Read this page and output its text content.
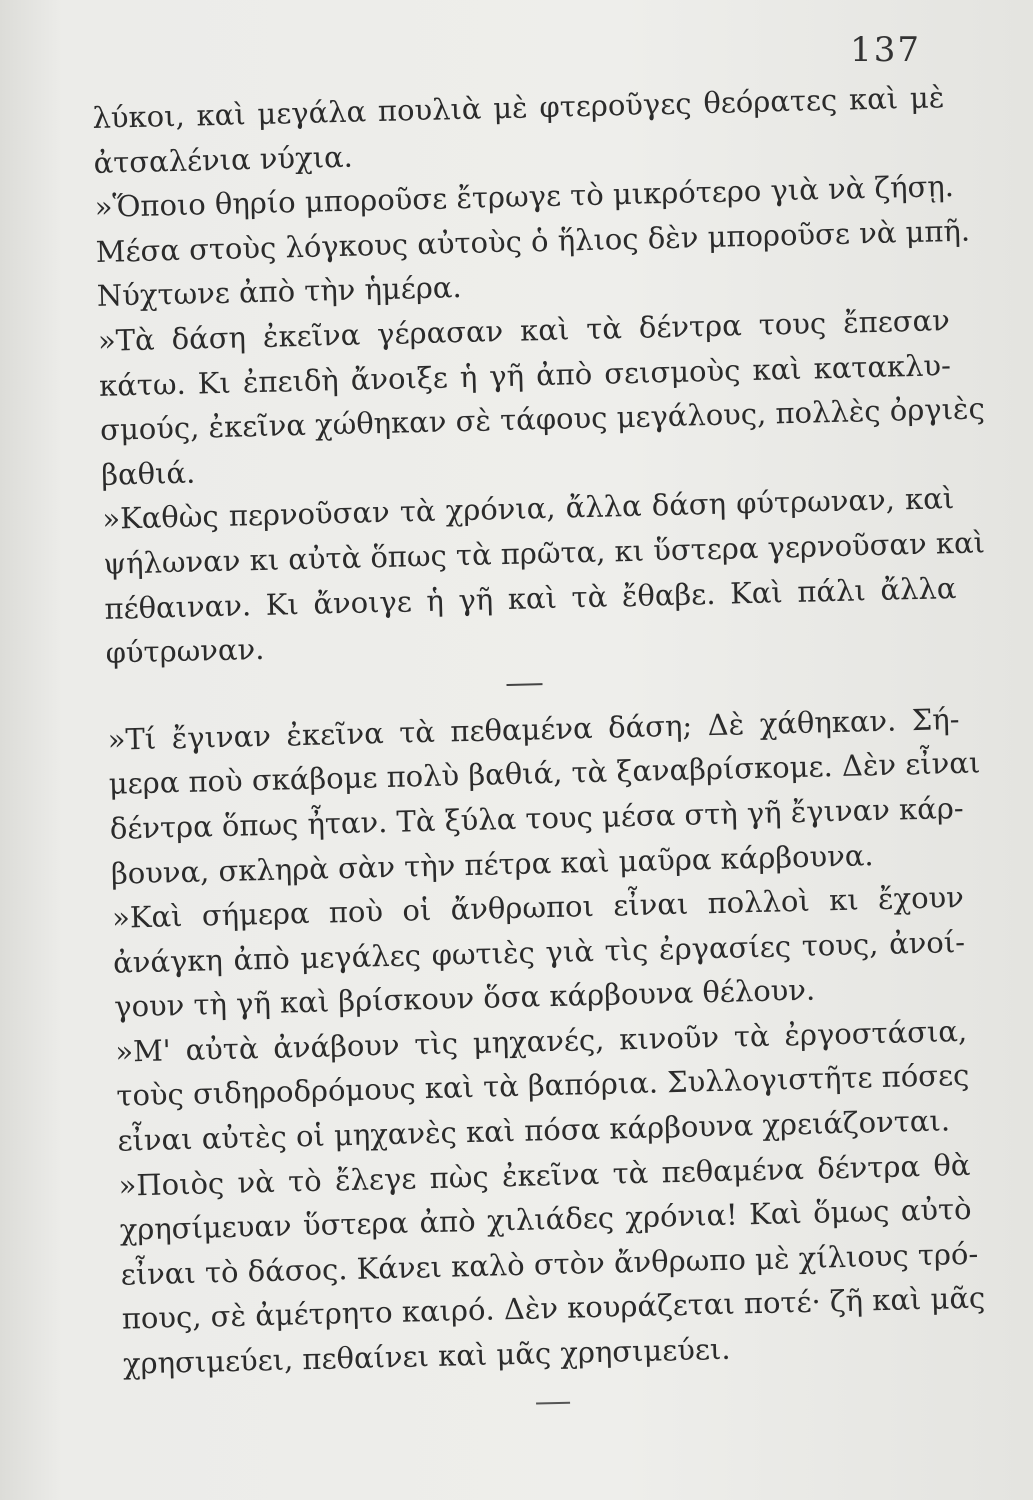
137
λύκοι, καὶ μεγάλα πουλιὰ μὲ φτεροῦγες θεόρατες καὶ μὲ
ἀτσαλένια νύχια.
»Ὅποιο θηρίο μποροῦσε ἔτρωγε τὸ μικρότερο γιὰ νὰ ζήσῃ.
Μέσα στοὺς λόγκους αὐτοὺς ὁ ἥλιος δὲν μποροῦσε νὰ μπῆ.
Νύχτωνε ἀπὸ τὴν ἡμέρα.
»Τὰ δάση ἐκεῖνα γέρασαν καὶ τὰ δέντρα τους ἔπεσαν
κάτω. Κι ἐπειδὴ ἄνοιξε ἡ γῆ ἀπὸ σεισμοὺς καὶ κατακλυ-
σμούς, ἐκεῖνα χώθηκαν σὲ τάφους μεγάλους, πολλὲς ὀργιὲς
βαθιά.
»Καθὼς περνοῦσαν τὰ χρόνια, ἄλλα δάση φύτρωναν, καὶ
ψήλωναν κι αὐτὰ ὅπως τὰ πρῶτα, κι ὕστερα γερνοῦσαν καὶ
πέθαιναν. Κι ἄνοιγε ἡ γῆ καὶ τὰ ἔθαβε. Καὶ πάλι ἄλλα
φύτρωναν.
»Τί ἔγιναν ἐκεῖνα τὰ πεθαμένα δάση; Δὲ χάθηκαν. Σή-
μερα ποὺ σκάβομε πολὺ βαθιά, τὰ ξαναβρίσκομε. Δὲν εἶναι
δέντρα ὅπως ἦταν. Τὰ ξύλα τους μέσα στὴ γῆ ἔγιναν κάρ-
βουνα, σκληρὰ σὰν τὴν πέτρα καὶ μαῦρα κάρβουνα.
»Καὶ σήμερα ποὺ οἱ ἄνθρωποι εἶναι πολλοὶ κι ἔχουν
ἀνάγκη ἀπὸ μεγάλες φωτιὲς γιὰ τὶς ἐργασίες τους, ἀνοί-
γουν τὴ γῆ καὶ βρίσκουν ὅσα κάρβουνα θέλουν.
»Μ' αὐτὰ ἀνάβουν τὶς μηχανές, κινοῦν τὰ ἐργοστάσια,
τοὺς σιδηροδρόμους καὶ τὰ βαπόρια. Συλλογιστῆτε πόσες
εἶναι αὐτὲς οἱ μηχανὲς καὶ πόσα κάρβουνα χρειάζονται.
»Ποιὸς νὰ τὸ ἔλεγε πὼς ἐκεῖνα τὰ πεθαμένα δέντρα θὰ
χρησίμευαν ὕστερα ἀπὸ χιλιάδες χρόνια! Καὶ ὅμως αὐτὸ
εἶναι τὸ δάσος. Κάνει καλὸ στὸν ἄνθρωπο μὲ χίλιους τρό-
πους, σὲ ἀμέτρητο καιρό. Δὲν κουράζεται ποτέ· ζῆ καὶ μᾶς
χρησιμεύει, πεθαίνει καὶ μᾶς χρησιμεύει.
